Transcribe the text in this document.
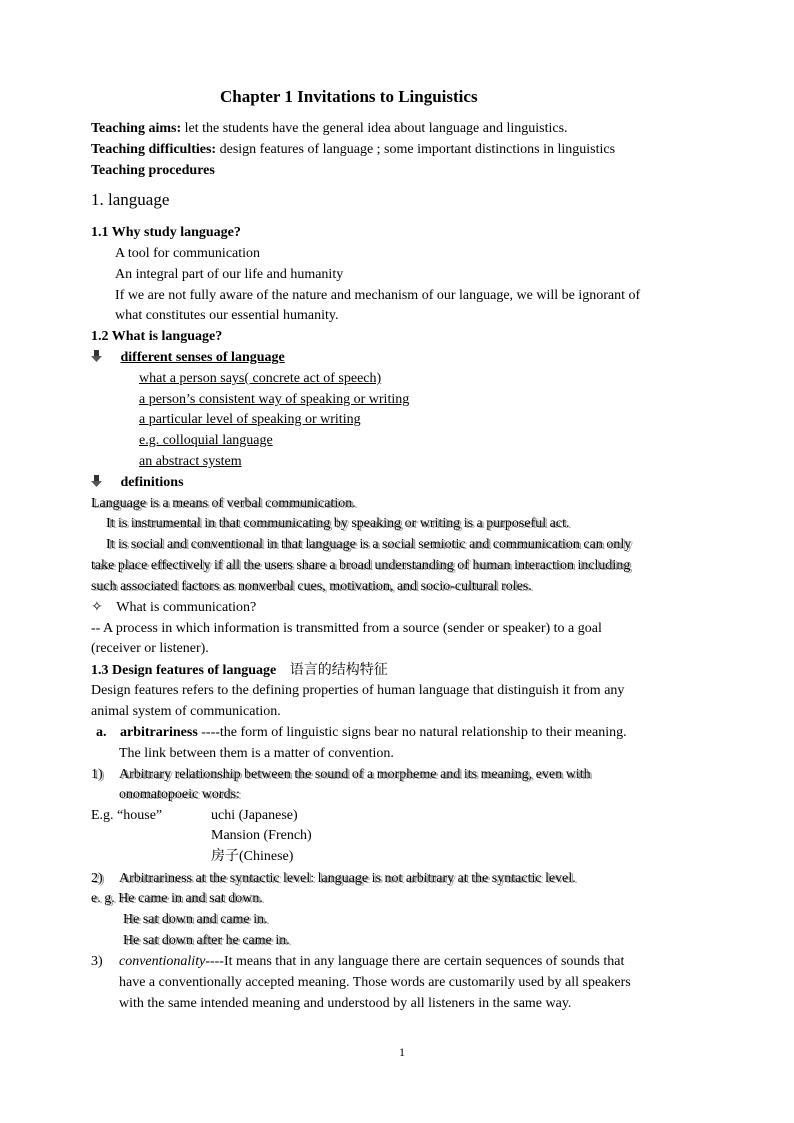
Chapter 1 Invitations to Linguistics
Teaching aims: let the students have the general idea about language and linguistics.
Teaching difficulties: design features of language ; some important distinctions in linguistics
Teaching procedures
1. language
1.1 Why study language?
A tool for communication
An integral part of our life and humanity
If we are not fully aware of the nature and mechanism of our language, we will be ignorant of
what constitutes our essential humanity.
1.2 What is language?
different senses of language
what a person says( concrete act of speech)
a person’s consistent way of speaking or writing
a particular level of speaking or writing
e.g. colloquial language
an abstract system
definitions
Language is a means of verbal communication.
It is instrumental in that communicating by speaking or writing is a purposeful act.
It is social and conventional in that language is a social semiotic and communication can only
take place effectively if all the users share a broad understanding of human interaction including
such associated factors as nonverbal cues, motivation, and socio-cultural roles.
✧ What is communication?
-- A process in which information is transmitted from a source (sender or speaker) to a goal
(receiver or listener).
1.3 Design features of language 语言的结构特征
Design features refers to the defining properties of human language that distinguish it from any
animal system of communication.
a. arbitrariness ----the form of linguistic signs bear no natural relationship to their meaning.
The link between them is a matter of convention.
1) Arbitrary relationship between the sound of a morpheme and its meaning, even with
onomatopoeic words:
E.g. “house”	uchi (Japanese)
Mansion (French)
房子(Chinese)
2) Arbitrariness at the syntactic level: language is not arbitrary at the syntactic level.
e. g. He came in and sat down.
He sat down and came in.
He sat down after he came in.
3) conventionality----It means that in any language there are certain sequences of sounds that
have a conventionally accepted meaning. Those words are customarily used by all speakers
with the same intended meaning and understood by all listeners in the same way.
1
